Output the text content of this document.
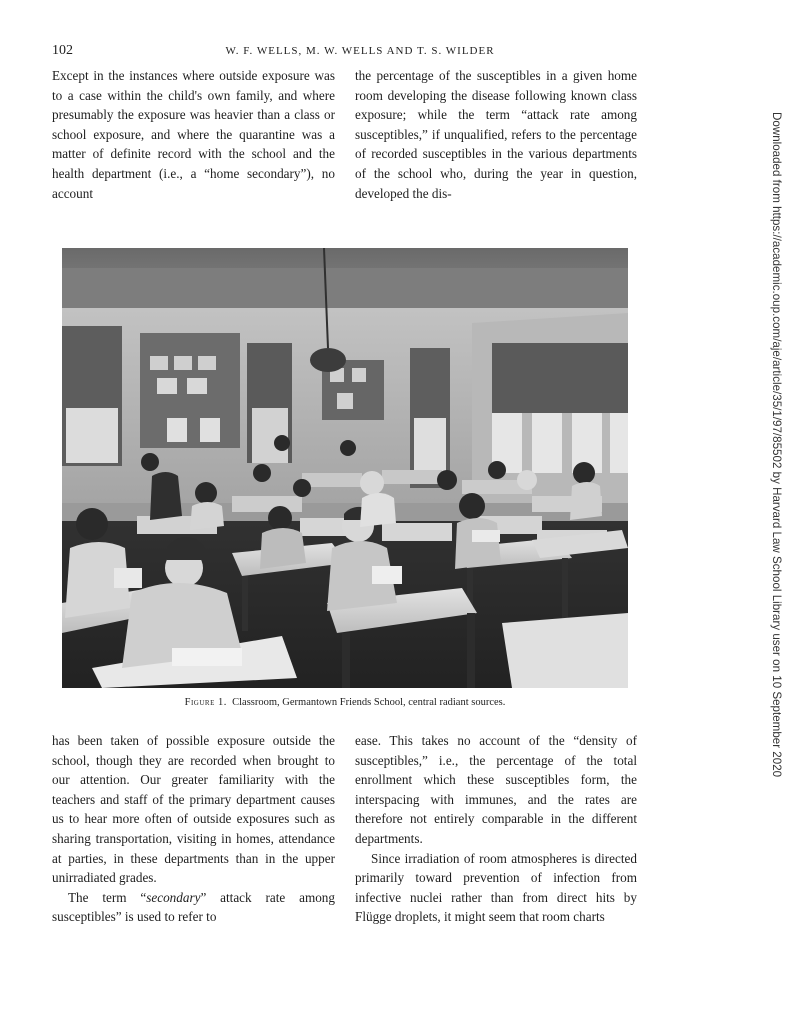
102	W. F. WELLS, M. W. WELLS AND T. S. WILDER

Except in the instances where outside exposure was to a case within the child's own family, and where presumably the exposure was heavier than a class or school exposure, and where the quarantine was a matter of definite record with the school and the health department (i.e., a “home secondary”), no account

the percentage of the susceptibles in a given home room developing the disease following known class exposure; while the term “attack rate among susceptibles,” if unqualified, refers to the percentage of recorded susceptibles in the various departments of the school who, during the year in question, developed the dis-

Figure 1. Classroom, Germantown Friends School, central radiant sources.

has been taken of possible exposure outside the school, though they are recorded when brought to our attention. Our greater familiarity with the teachers and staff of the primary department causes us to hear more often of outside exposures such as sharing transportation, visiting in homes, attendance at parties, in these departments than in the upper unirradiated grades.

The term “secondary” attack rate among susceptibles” is used to refer to

ease. This takes no account of the “density of susceptibles,” i.e., the percentage of the total enrollment which these susceptibles form, the interspacing with immunes, and the rates are therefore not entirely comparable in the different departments.

Since irradiation of room atmospheres is directed primarily toward prevention of infection from infective nuclei rather than from direct hits by Flügge droplets, it might seem that room charts

Downloaded from https://academic.oup.com/aje/article/35/1/97/85502 by Harvard Law School Library user on 10 September 2020
